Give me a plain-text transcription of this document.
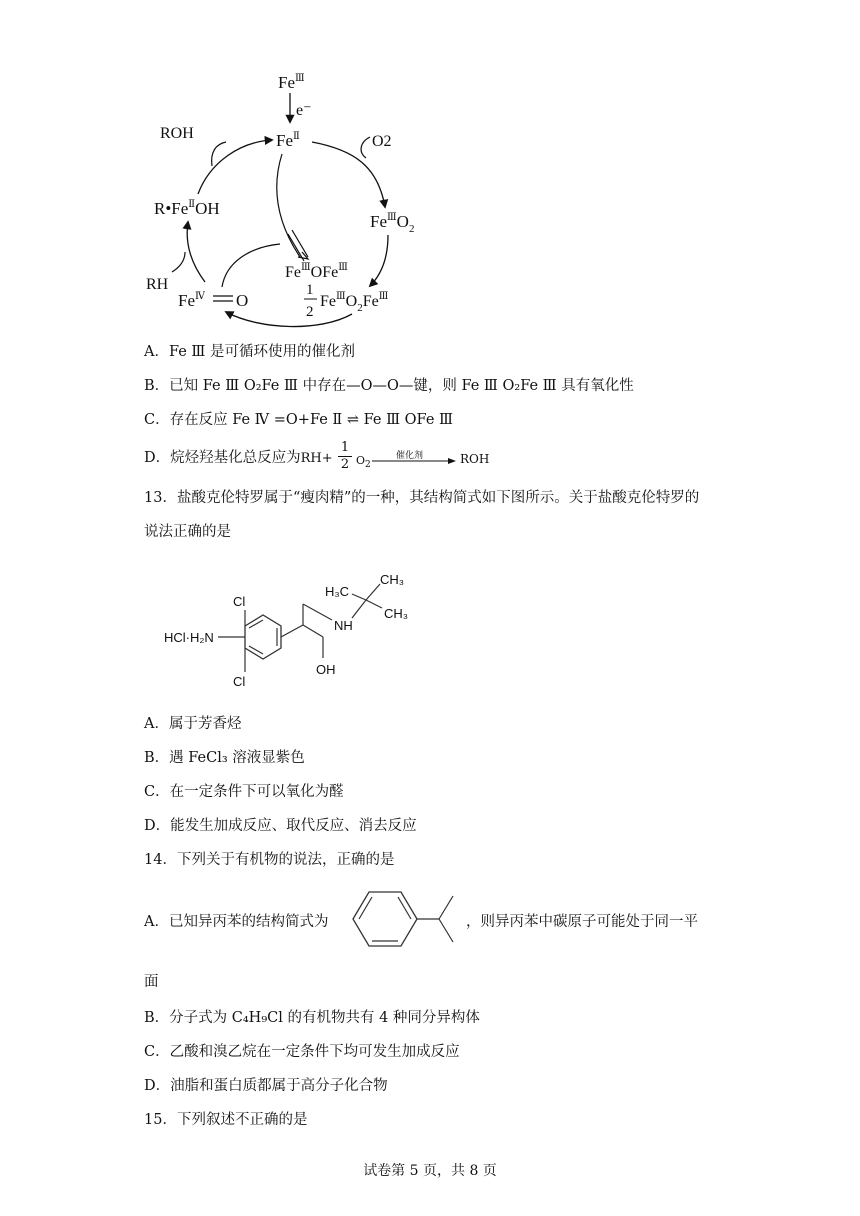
$Fe^Ⅲ$
e⁻
$Fe^Ⅱ$
ROH	O2
$Fe^ⅢO_2$
$R•Fe^ⅡOH$
RH
$Fe^Ⅳ$ O
$Fe^ⅢOFe^Ⅲ$
1
2
$Fe^ⅢO_2Fe^Ⅲ$
A．Fe Ⅲ 是可循环使用的催化剂
B．已知 Fe Ⅲ O₂Fe Ⅲ 中存在—O—O—键，则 Fe Ⅲ O₂Fe Ⅲ 具有氧化性
C．存在反应 Fe Ⅳ =O+Fe Ⅱ ⇌ Fe Ⅲ OFe Ⅲ
D．烷烃羟基化总反应为RH+
1
2 $O_2$
催化剂	ROH
13．盐酸克伦特罗属于“瘦肉精”的一种，其结构简式如下图所示。关于盐酸克伦特罗的
说法正确的是
Cl
Cl
HCl·H₂N
OH
NH
H₃C
CH₃
CH₃
A．属于芳香烃
B．遇 FeCl₃ 溶液显紫色
C．在一定条件下可以氧化为醛
D．能发生加成反应、取代反应、消去反应
14．下列关于有机物的说法，正确的是
A．已知异丙苯的结构简式为	，则异丙苯中碳原子可能处于同一平
面
B．分子式为 C₄H₉Cl 的有机物共有 4 种同分异构体
C．乙酸和溴乙烷在一定条件下均可发生加成反应
D．油脂和蛋白质都属于高分子化合物
15．下列叙述不正确的是
试卷第 5 页，共 8 页
